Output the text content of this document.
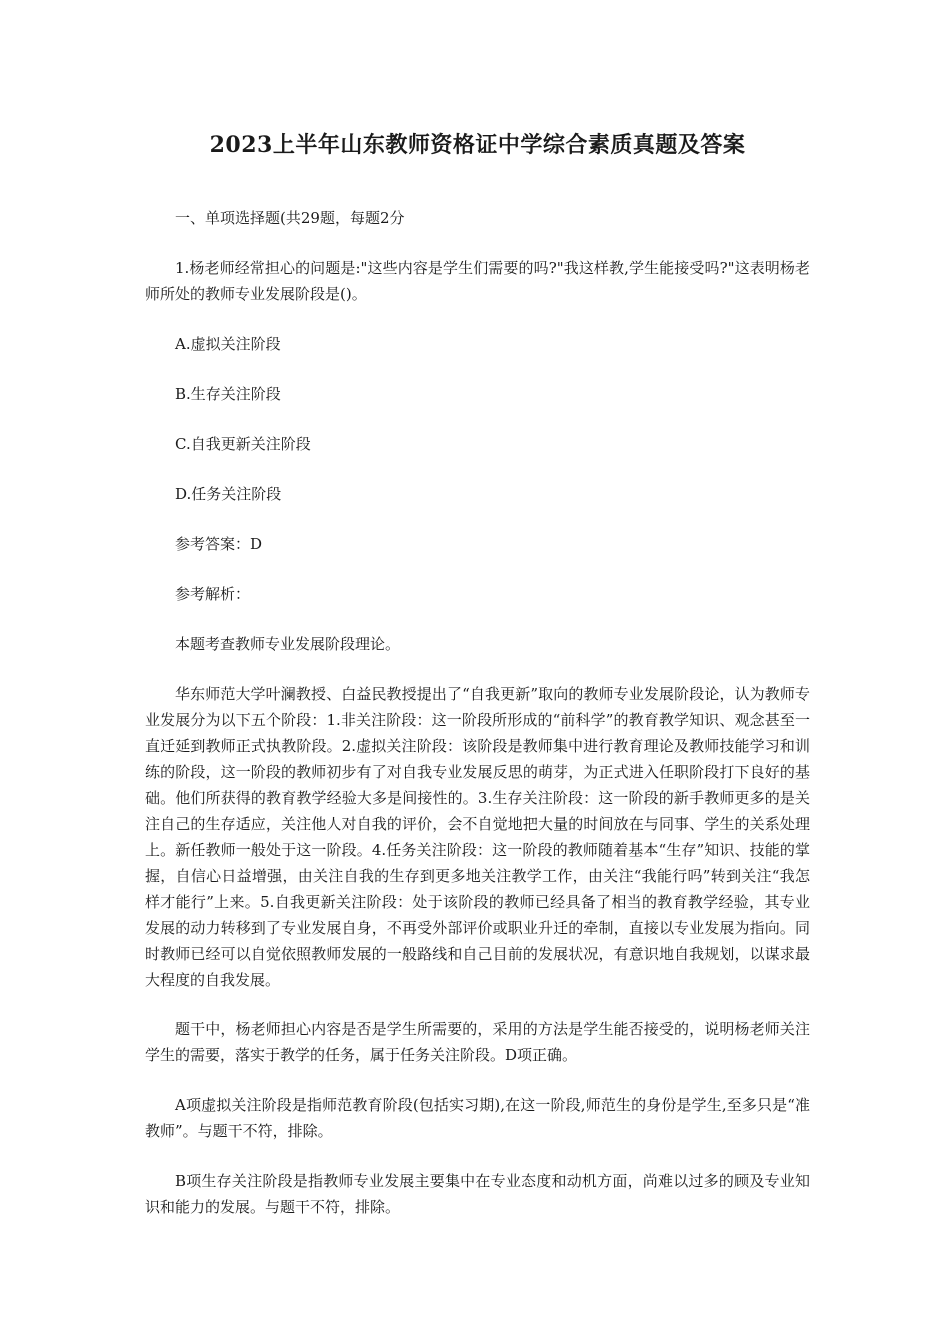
2023上半年山东教师资格证中学综合素质真题及答案

一、单项选择题(共29题，每题2分

1.杨老师经常担心的问题是:"这些内容是学生们需要的吗?"我这样教,学生能接受吗?"这表明杨老师所处的教师专业发展阶段是()。

A.虚拟关注阶段

B.生存关注阶段

C.自我更新关注阶段

D.任务关注阶段

参考答案：D

参考解析：

本题考查教师专业发展阶段理论。

华东师范大学叶澜教授、白益民教授提出了“自我更新”取向的教师专业发展阶段论，认为教师专业发展分为以下五个阶段：1.非关注阶段：这一阶段所形成的“前科学”的教育教学知识、观念甚至一直迁延到教师正式执教阶段。2.虚拟关注阶段：该阶段是教师集中进行教育理论及教师技能学习和训练的阶段，这一阶段的教师初步有了对自我专业发展反思的萌芽，为正式进入任职阶段打下良好的基础。他们所获得的教育教学经验大多是间接性的。3.生存关注阶段：这一阶段的新手教师更多的是关注自己的生存适应，关注他人对自我的评价，会不自觉地把大量的时间放在与同事、学生的关系处理上。新任教师一般处于这一阶段。4.任务关注阶段：这一阶段的教师随着基本“生存”知识、技能的掌握，自信心日益增强，由关注自我的生存到更多地关注教学工作，由关注“我能行吗”转到关注“我怎样才能行”上来。5.自我更新关注阶段：处于该阶段的教师已经具备了相当的教育教学经验，其专业发展的动力转移到了专业发展自身，不再受外部评价或职业升迁的牵制，直接以专业发展为指向。同时教师已经可以自觉依照教师发展的一般路线和自己目前的发展状况，有意识地自我规划，以谋求最大程度的自我发展。

题干中，杨老师担心内容是否是学生所需要的，采用的方法是学生能否接受的，说明杨老师关注学生的需要，落实于教学的任务，属于任务关注阶段。D项正确。

A项虚拟关注阶段是指师范教育阶段(包括实习期),在这一阶段,师范生的身份是学生,至多只是“准教师”。与题干不符，排除。

B项生存关注阶段是指教师专业发展主要集中在专业态度和动机方面，尚难以过多的顾及专业知识和能力的发展。与题干不符，排除。
